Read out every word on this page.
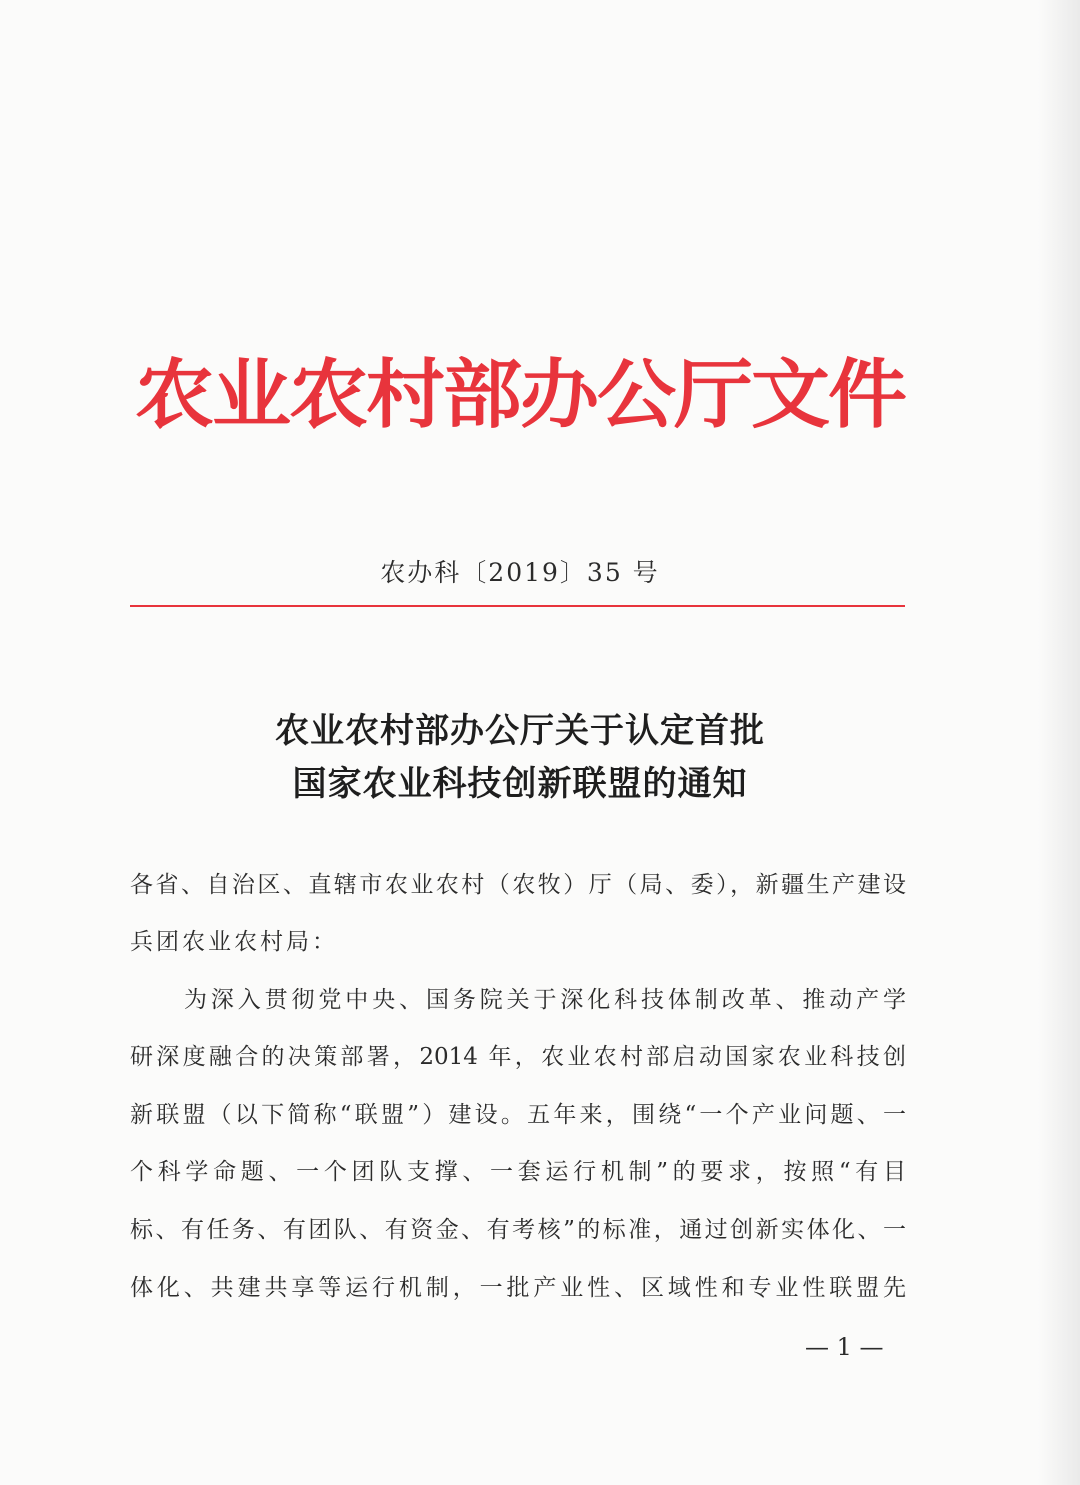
农业农村部办公厅文件
农办科〔2019〕35 号
农业农村部办公厅关于认定首批
国家农业科技创新联盟的通知
各省、自治区、直辖市农业农村（农牧）厅（局、委），新疆生产建设
兵团农业农村局：
为深入贯彻党中央、国务院关于深化科技体制改革、推动产学
研深度融合的决策部署，2014 年，农业农村部启动国家农业科技创
新联盟（以下简称“联盟”）建设。五年来，围绕“一个产业问题、一
个科学命题、一个团队支撑、一套运行机制”的要求，按照“有目
标、有任务、有团队、有资金、有考核”的标准，通过创新实体化、一
体化、共建共享等运行机制，一批产业性、区域性和专业性联盟先
— 1 —
